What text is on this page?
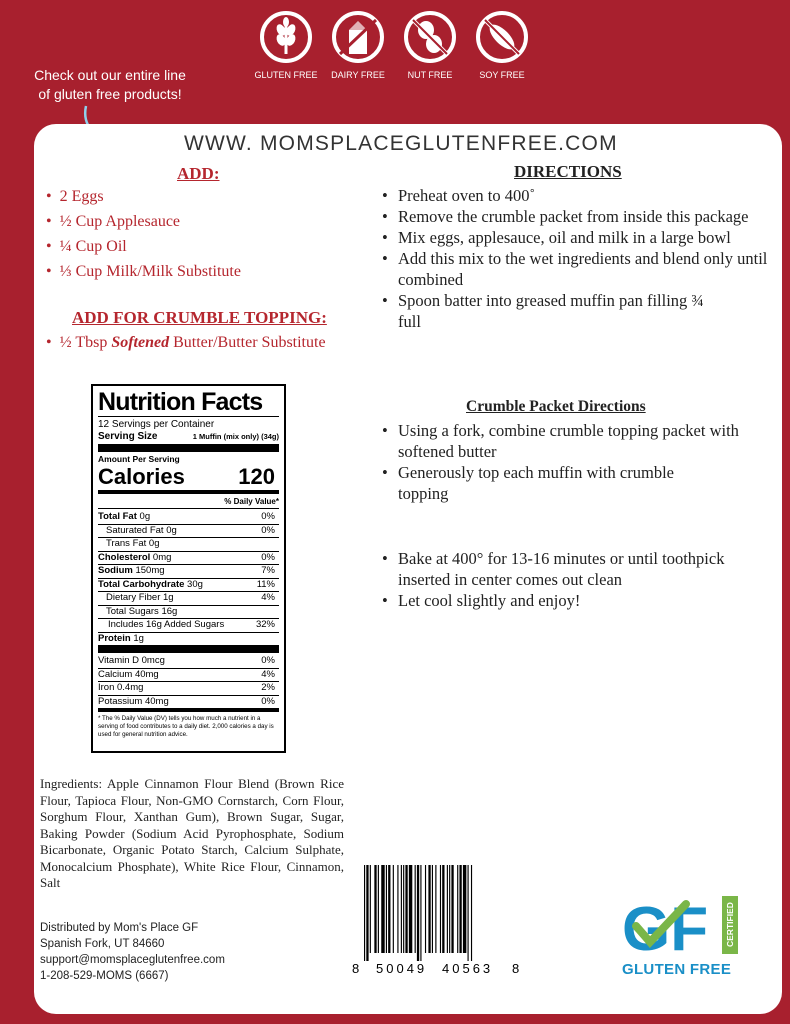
GLUTEN FREE	DAIRY FREE	NUT FREE	SOY FREE
Check out our entire line
of gluten free products!
WWW. MOMSPLACEGLUTENFREE.COM
ADD:
• 2 Eggs
• ½ Cup Applesauce
• ¼ Cup Oil
• ⅓ Cup Milk/Milk Substitute
ADD FOR CRUMBLE TOPPING:
• ½ Tbsp Softened Butter/Butter Substitute
DIRECTIONS
• Preheat oven to 400˚
• Remove the crumble packet from inside this package
• Mix eggs, applesauce, oil and milk in a large bowl
• Add this mix to the wet ingredients and blend only until combined
• Spoon batter into greased muffin pan filling ¾ full
Crumble Packet Directions
• Using a fork, combine crumble topping packet with softened butter
• Generously top each muffin with crumble topping
• Bake at 400° for 13-16 minutes or until toothpick inserted in center comes out clean
• Let cool slightly and enjoy!
Nutrition Facts
12 Servings per Container
Serving Size	1 Muffin (mix only) (34g)
Amount Per Serving
Calories 120
% Daily Value*
Total Fat 0g	0%
Saturated Fat 0g	0%
Trans Fat 0g
Cholesterol 0mg	0%
Sodium 150mg	7%
Total Carbohydrate 30g	11%
Dietary Fiber 1g	4%
Total Sugars 16g
Includes 16g Added Sugars	32%
Protein 1g
Vitamin D 0mcg	0%
Calcium 40mg	4%
Iron 0.4mg	2%
Potassium 40mg	0%
* The % Daily Value (DV) tells you how much a nutrient in a serving of food contributes to a daily diet. 2,000 calories a day is used for general nutrition advice.
Ingredients: Apple Cinnamon Flour Blend (Brown Rice Flour, Tapioca Flour, Non-GMO Cornstarch, Corn Flour, Sorghum Flour, Xanthan Gum), Brown Sugar, Sugar, Baking Powder (Sodium Acid Pyrophosphate, Sodium Bicarbonate, Organic Potato Starch, Calcium Sulphate, Monocalcium Phosphate), White Rice Flour, Cinnamon, Salt
Distributed by Mom's Place GF
Spanish Fork, UT 84660
support@momsplaceglutenfree.com
1-208-529-MOMS (6667)	8 50049 40563 8
GF	CERTIFIED
GLUTEN FREE
